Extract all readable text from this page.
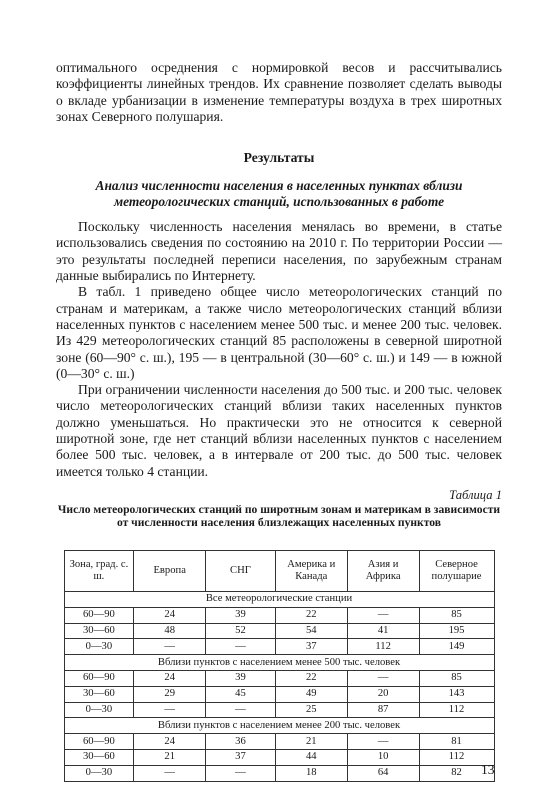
оптимального осреднения с нормировкой весов и рассчитывались коэффициенты линейных трендов. Их сравнение позволяет сделать выводы о вкладе урбанизации в изменение температуры воздуха в трех широтных зонах Северного полушария.

Результаты
Анализ численности населения в населенных пунктах вблизи метеорологических станций, использованных в работе

Поскольку численность населения менялась во времени, в статье использовались сведения по состоянию на 2010 г. По территории России — это результаты последней переписи населения, по зарубежным странам данные выбирались по Интернету.

В табл. 1 приведено общее число метеорологических станций по странам и материкам, а также число метеорологических станций вблизи населенных пунктов с населением менее 500 тыс. и менее 200 тыс. человек. Из 429 метеорологических станций 85 расположены в северной широтной зоне (60—90° с. ш.), 195 — в центральной (30—60° с. ш.) и 149 — в южной (0—30° с. ш.)

При ограничении численности населения до 500 тыс. и 200 тыс. человек число метеорологических станций вблизи таких населенных пунктов должно уменьшаться. Но практически это не относится к северной широтной зоне, где нет станций вблизи населенных пунктов с населением более 500 тыс. человек, а в интервале от 200 тыс. до 500 тыс. человек имеется только 4 станции.

Таблица 1
Число метеорологических станций по широтным зонам и материкам в зависимости от численности населения близлежащих населенных пунктов
Зона, град. с. ш.	Европа	СНГ	Америка и Канада	Азия и Африка	Северное полушарие
Все метеорологические станции					
60—90	24	39	22	—	85
30—60	48	52	54	41	195
0—30	—	—	37	112	149
Вблизи пунктов с населением менее 500 тыс. человек					
60—90	24	39	22	—	85
30—60	29	45	49	20	143
0—30	—	—	25	87	112
Вблизи пунктов с населением менее 200 тыс. человек					
60—90	24	36	21	—	81
30—60	21	37	44	10	112
0—30	—	—	18	64	82 13
